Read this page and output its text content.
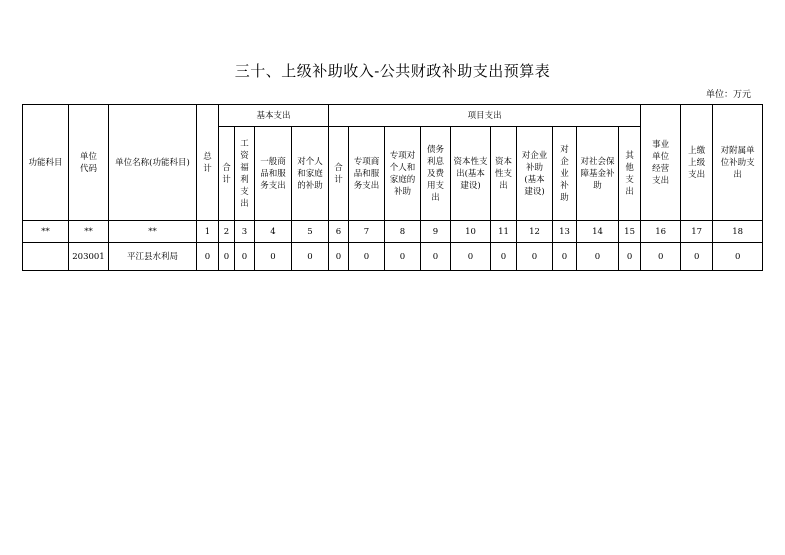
三十、上级补助收入-公共财政补助支出预算表
单位：万元
功能科目	单位代码	单位名称(功能科目)	总计	基本支出				项目支出										事业单位经营支出	上缴上级支出	对附属单位补助支出
				合计	工资福利支出	一般商品和服务支出	对个人和家庭的补助	合计	专项商品和服务支出	专项对个人和家庭的补助	债务利息及费用支出	资本性支出(基本建设)	资本性支出	对企业补助(基本建设)	对企业补助	对社会保障基金补助	其他支出			
**	**	**	1	2	3	4	5	6	7	8	9	10	11	12	13	14	15	16	17	18
	203001	平江县水利局	0	0	0	0	0	0	0	0	0	0	0	0	0	0	0	0	0	0
